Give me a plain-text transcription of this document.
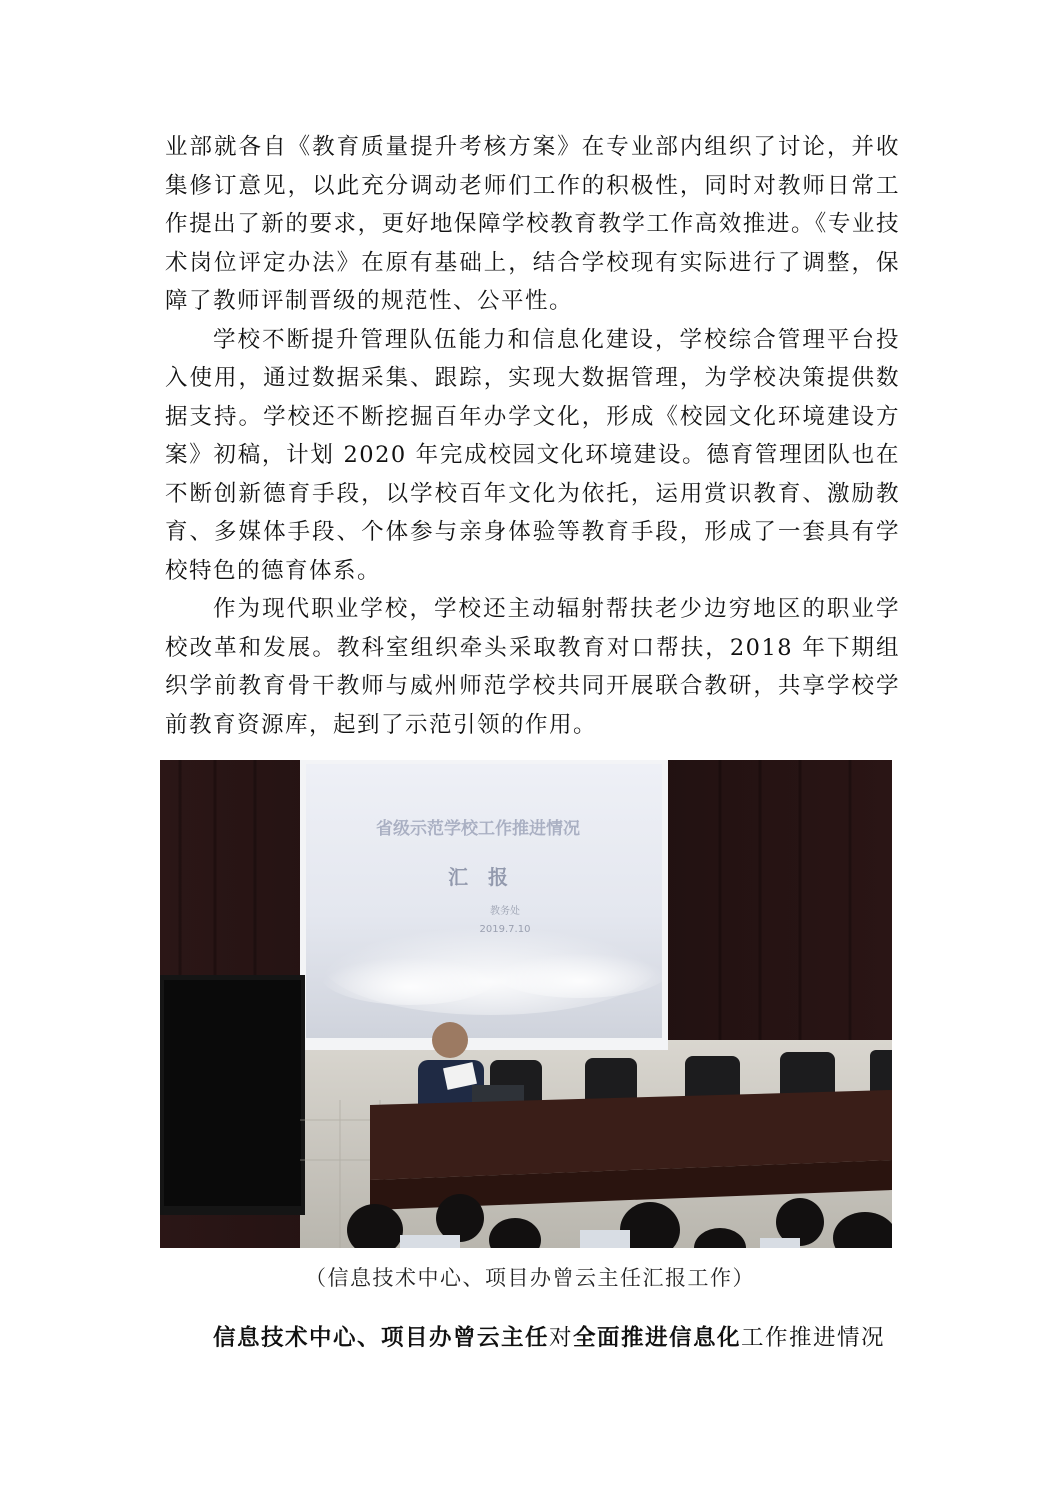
业部就各自《教育质量提升考核方案》在专业部内组织了讨论，并收集修订意见，以此充分调动老师们工作的积极性，同时对教师日常工作提出了新的要求，更好地保障学校教育教学工作高效推进。《专业技术岗位评定办法》在原有基础上，结合学校现有实际进行了调整，保障了教师评制晋级的规范性、公平性。

学校不断提升管理队伍能力和信息化建设，学校综合管理平台投入使用，通过数据采集、跟踪，实现大数据管理，为学校决策提供数据支持。学校还不断挖掘百年办学文化，形成《校园文化环境建设方案》初稿，计划 2020 年完成校园文化环境建设。德育管理团队也在不断创新德育手段，以学校百年文化为依托，运用赏识教育、激励教育、多媒体手段、个体参与亲身体验等教育手段，形成了一套具有学校特色的德育体系。

作为现代职业学校，学校还主动辐射帮扶老少边穷地区的职业学校改革和发展。教科室组织牵头采取教育对口帮扶，2018 年下期组织学前教育骨干教师与威州师范学校共同开展联合教研，共享学校学前教育资源库，起到了示范引领的作用。

省级示范学校工作推进情况
汇　报
教务处
2019.7.10
（信息技术中心、项目办曾云主任汇报工作）
信息技术中心、项目办曾云主任对全面推进信息化工作推进情况
